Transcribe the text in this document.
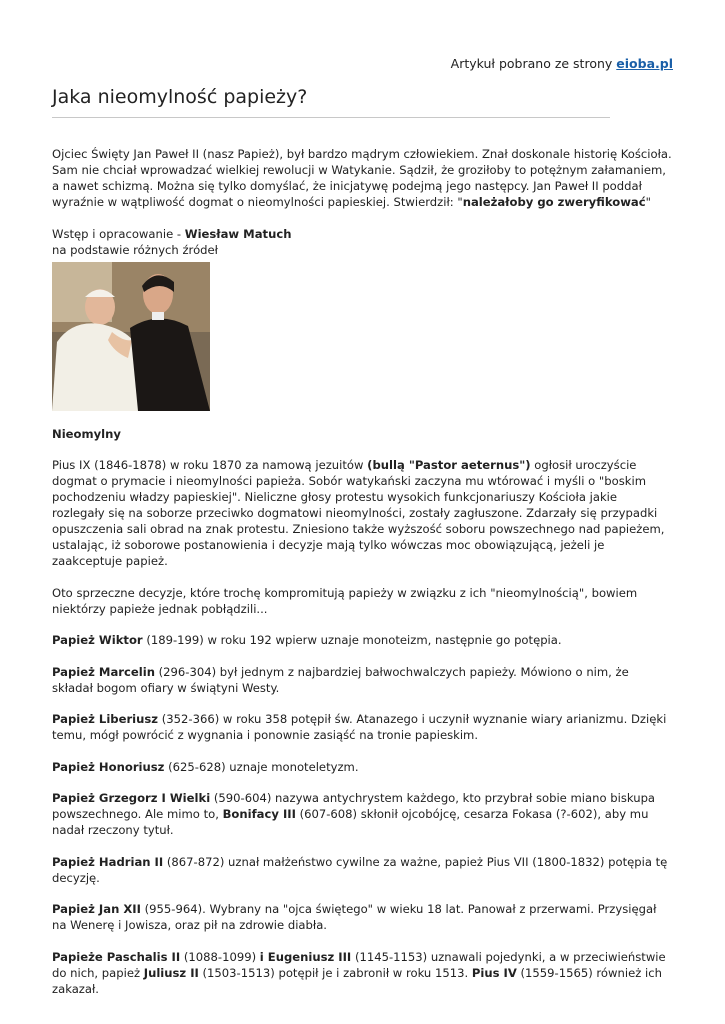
Artykuł pobrano ze strony eioba.pl
Jaka nieomylność papieży?

Ojciec Święty Jan Paweł II (nasz Papież), był bardzo mądrym człowiekiem. Znał doskonale historię Kościoła. Sam nie chciał wprowadzać wielkiej rewolucji w Watykanie. Sądził, że groziłoby to potężnym załamaniem, a nawet schizmą. Można się tylko domyślać, że inicjatywę podejmą jego następcy. Jan Paweł II poddał wyraźnie w wątpliwość dogmat o nieomylności papieskiej. Stwierdził: "należałoby go zweryfikować"

Wstęp i opracowanie - Wiesław Matuch
na podstawie różnych źródeł

Nieomylny

Pius IX (1846-1878) w roku 1870 za namową jezuitów (bullą "Pastor aeternus") ogłosił uroczyście dogmat o prymacie i nieomylności papieża. Sobór watykański zaczyna mu wtórować i myśli o "boskim pochodzeniu władzy papieskiej". Nieliczne głosy protestu wysokich funkcjonariuszy Kościoła jakie rozlegały się na soborze przeciwko dogmatowi nieomylności, zostały zagłuszone. Zdarzały się przypadki opuszczenia sali obrad na znak protestu. Zniesiono także wyższość soboru powszechnego nad papieżem, ustalając, iż soborowe postanowienia i decyzje mają tylko wówczas moc obowiązującą, jeżeli je zaakceptuje papież.

Oto sprzeczne decyzje, które trochę kompromitują papieży w związku z ich "nieomylnością", bowiem niektórzy papieże jednak pobłądzili...

Papież Wiktor (189-199) w roku 192 wpierw uznaje monoteizm, następnie go potępia.

Papież Marcelin (296-304) był jednym z najbardziej bałwochwalczych papieży. Mówiono o nim, że składał bogom ofiary w świątyni Westy.

Papież Liberiusz (352-366) w roku 358 potępił św. Atanazego i uczynił wyznanie wiary arianizmu. Dzięki temu, mógł powrócić z wygnania i ponownie zasiąść na tronie papieskim.

Papież Honoriusz (625-628) uznaje monoteletyzm.

Papież Grzegorz I Wielki (590-604) nazywa antychrystem każdego, kto przybrał sobie miano biskupa powszechnego. Ale mimo to, Bonifacy III (607-608) skłonił ojcobójcę, cesarza Fokasa (?-602), aby mu nadał rzeczony tytuł.

Papież Hadrian II (867-872) uznał małżeństwo cywilne za ważne, papież Pius VII (1800-1832) potępia tę decyzję.

Papież Jan XII (955-964). Wybrany na "ojca świętego" w wieku 18 lat. Panował z przerwami. Przysięgał na Wenerę i Jowisza, oraz pił na zdrowie diabła.

Papieże Paschalis II (1088-1099) i Eugeniusz III (1145-1153) uznawali pojedynki, a w przeciwieństwie do nich, papież Juliusz II (1503-1513) potępił je i zabronił w roku 1513. Pius IV (1559-1565) również ich zakazał.
